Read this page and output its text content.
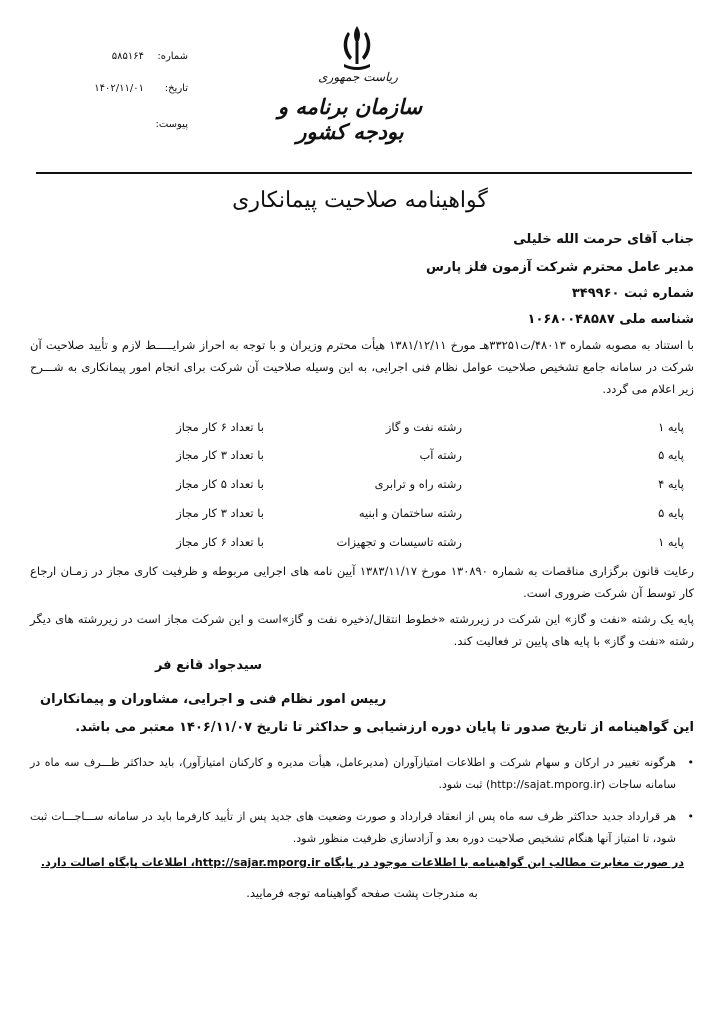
شماره:
۵۸۵۱۶۴
تاریخ:
۱۴۰۲/۱۱/۰۱
پیوست:
ریاست جمهوری
سازمان برنامه و بودجه کشور
گواهینامه صلاحیت پیمانکاری
جناب آقای حرمت الله خلیلی
مدیر عامل محترم شرکت آزمون فلز پارس
شماره ثبت ۳۴۹۹۶۰
شناسه ملی ۱۰۶۸۰۰۴۸۵۸۷
با استناد به مصوبه شماره ۴۸۰۱۳/ت۳۳۲۵۱هـ مورخ ۱۳۸۱/۱۲/۱۱ هیأت محترم وزیران و با توجه به احراز شرایـــــط لازم و تأیید صلاحیت آن شرکت در سامانه جامع تشخیص صلاحیت عوامل نظام فنی اجرایی، به این وسیله صلاحیت آن شرکت برای انجام امور پیمانکاری به شـــرح زیر اعلام می گردد.
پایه ۱
رشته نفت و گاز
با تعداد ۶ کار مجاز
پایه ۵
رشته آب
با تعداد ۳ کار مجاز
پایه ۴
رشته راه و ترابری
با تعداد ۵ کار مجاز
پایه ۵
رشته ساختمان و ابنیه
با تعداد ۳ کار مجاز
پایه ۱
رشته تاسیسات و تجهیزات
با تعداد ۶ کار مجاز
رعایت قانون برگزاری مناقصات به شماره ۱۳۰۸۹۰ مورخ ۱۳۸۳/۱۱/۱۷ آیین نامه های اجرایی مربوطه و ظرفیت کاری مجاز در زمـان ارجاع کار توسط آن شرکت ضروری است.
پایه یک رشته «نفت و گاز» این شرکت در زیررشته «خطوط انتقال/ذخیره نفت و گاز»است و این شرکت مجاز است در زیررشته های دیگر رشته «نفت و گاز» با پایه های پایین تر فعالیت کند.
سیدجواد قانع فر
رییس امور نظام فنی و اجرایی، مشاوران و پیمانکاران
این گواهینامه از تاریخ صدور تا پایان دوره ارزشیابی و حداکثر تا تاریخ ۱۴۰۶/۱۱/۰۷ معتبر می باشد.
•
هرگونه تغییر در ارکان و سهام شرکت و اطلاعات امتیازآوران (مدیرعامل، هیأت مدیره و کارکنان امتیازآور)، باید حداکثر ظـــرف سه ماه در سامانه ساجات (http://sajat.mporg.ir) ثبت شود.
•
هر قرارداد جدید حداکثر ظرف سه ماه پس از انعقاد قرارداد و صورت وضعیت های جدید پس از تأیید کارفرما باید در سامانه ســـاجـــات ثبت شود، تا امتیاز آنها هنگام تشخیص صلاحیت دوره بعد و آزادسازی ظرفیت منظور شود.
در صورت مغایرت مطالب این گواهینامه با اطلاعات موجود در پایگاه http://sajar.mporg.ir، اطلاعات پایگاه اصالت دارد.
به مندرجات پشت صفحه گواهینامه توجه فرمایید.
